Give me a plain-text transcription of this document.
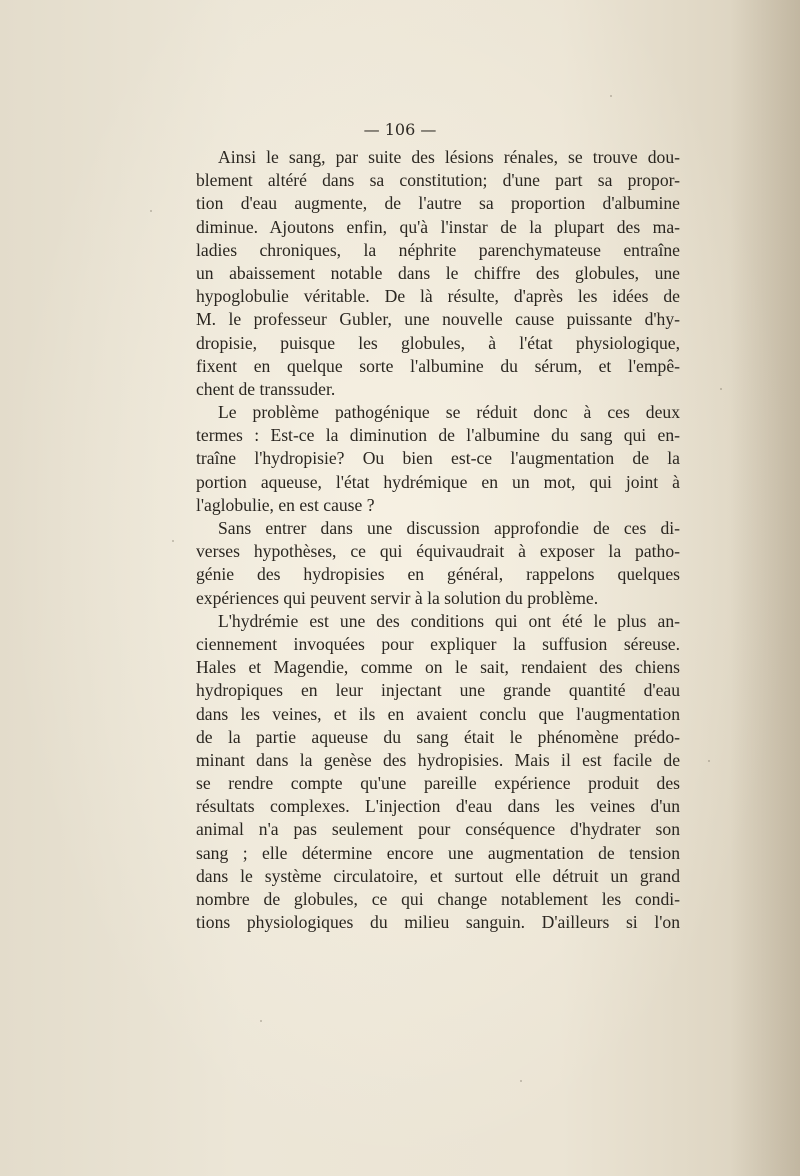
— 106 —
Ainsi le sang, par suite des lésions rénales, se trouve dou-
blement altéré dans sa constitution; d'une part sa propor-
tion d'eau augmente, de l'autre sa proportion d'albumine
diminue. Ajoutons enfin, qu'à l'instar de la plupart des ma-
ladies chroniques, la néphrite parenchymateuse entraîne
un abaissement notable dans le chiffre des globules, une
hypoglobulie véritable. De là résulte, d'après les idées de
M. le professeur Gubler, une nouvelle cause puissante d'hy-
dropisie, puisque les globules, à l'état physiologique,
fixent en quelque sorte l'albumine du sérum, et l'empê-
chent de transsuder.
Le problème pathogénique se réduit donc à ces deux
termes : Est-ce la diminution de l'albumine du sang qui en-
traîne l'hydropisie? Ou bien est-ce l'augmentation de la
portion aqueuse, l'état hydrémique en un mot, qui joint à
l'aglobulie, en est cause ?
Sans entrer dans une discussion approfondie de ces di-
verses hypothèses, ce qui équivaudrait à exposer la patho-
génie des hydropisies en général, rappelons quelques
expériences qui peuvent servir à la solution du problème.
L'hydrémie est une des conditions qui ont été le plus an-
ciennement invoquées pour expliquer la suffusion séreuse.
Hales et Magendie, comme on le sait, rendaient des chiens
hydropiques en leur injectant une grande quantité d'eau
dans les veines, et ils en avaient conclu que l'augmentation
de la partie aqueuse du sang était le phénomène prédo-
minant dans la genèse des hydropisies. Mais il est facile de
se rendre compte qu'une pareille expérience produit des
résultats complexes. L'injection d'eau dans les veines d'un
animal n'a pas seulement pour conséquence d'hydrater son
sang ; elle détermine encore une augmentation de tension
dans le système circulatoire, et surtout elle détruit un grand
nombre de globules, ce qui change notablement les condi-
tions physiologiques du milieu sanguin. D'ailleurs si l'on
